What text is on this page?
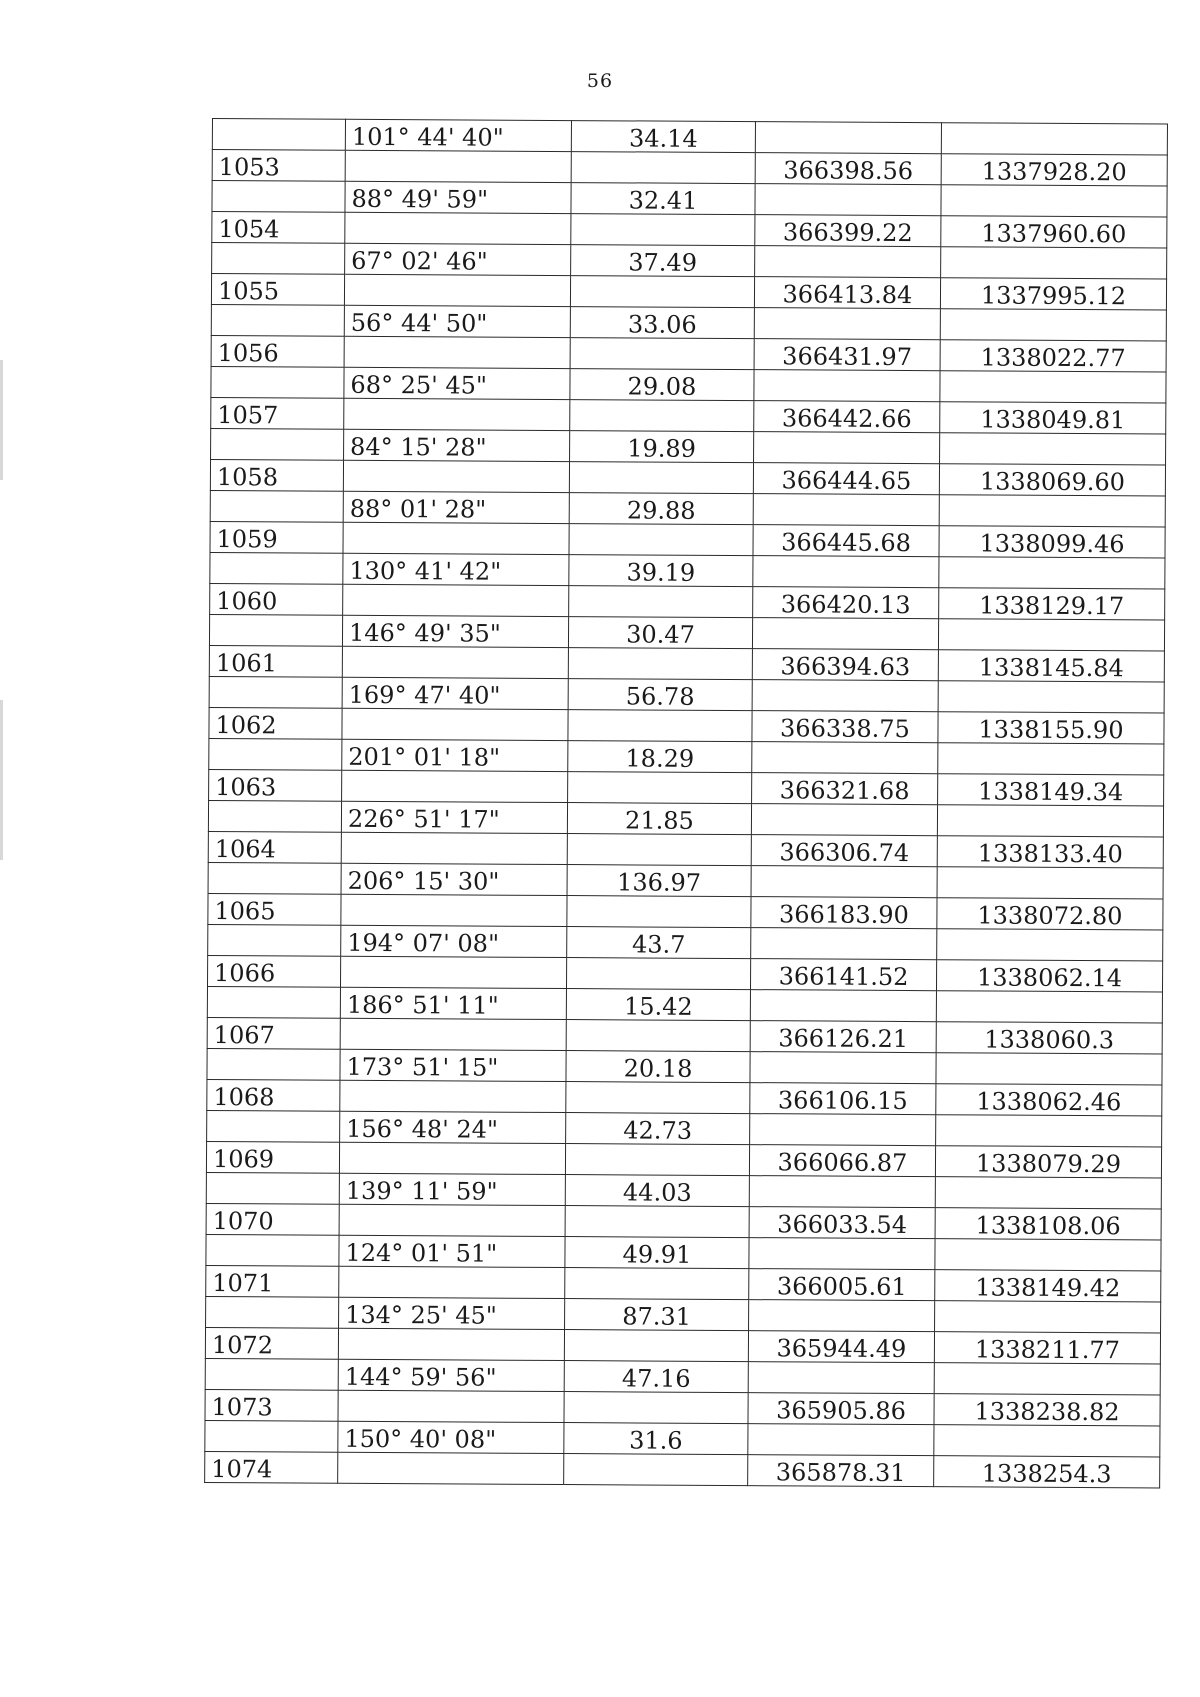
56
	101° 44' 40"	34.14		
1053			366398.56	1337928.20
	88° 49' 59"	32.41		
1054			366399.22	1337960.60
	67° 02' 46"	37.49		
1055			366413.84	1337995.12
	56° 44' 50"	33.06		
1056			366431.97	1338022.77
	68° 25' 45"	29.08		
1057			366442.66	1338049.81
	84° 15' 28"	19.89		
1058			366444.65	1338069.60
	88° 01' 28"	29.88		
1059			366445.68	1338099.46
	130° 41' 42"	39.19		
1060			366420.13	1338129.17
	146° 49' 35"	30.47		
1061			366394.63	1338145.84
	169° 47' 40"	56.78		
1062			366338.75	1338155.90
	201° 01' 18"	18.29		
1063			366321.68	1338149.34
	226° 51' 17"	21.85		
1064			366306.74	1338133.40
	206° 15' 30"	136.97		
1065			366183.90	1338072.80
	194° 07' 08"	43.7		
1066			366141.52	1338062.14
	186° 51' 11"	15.42		
1067			366126.21	1338060.3
	173° 51' 15"	20.18		
1068			366106.15	1338062.46
	156° 48' 24"	42.73		
1069			366066.87	1338079.29
	139° 11' 59"	44.03		
1070			366033.54	1338108.06
	124° 01' 51"	49.91		
1071			366005.61	1338149.42
	134° 25' 45"	87.31		
1072			365944.49	1338211.77
	144° 59' 56"	47.16		
1073			365905.86	1338238.82
	150° 40' 08"	31.6		
1074			365878.31	1338254.3
